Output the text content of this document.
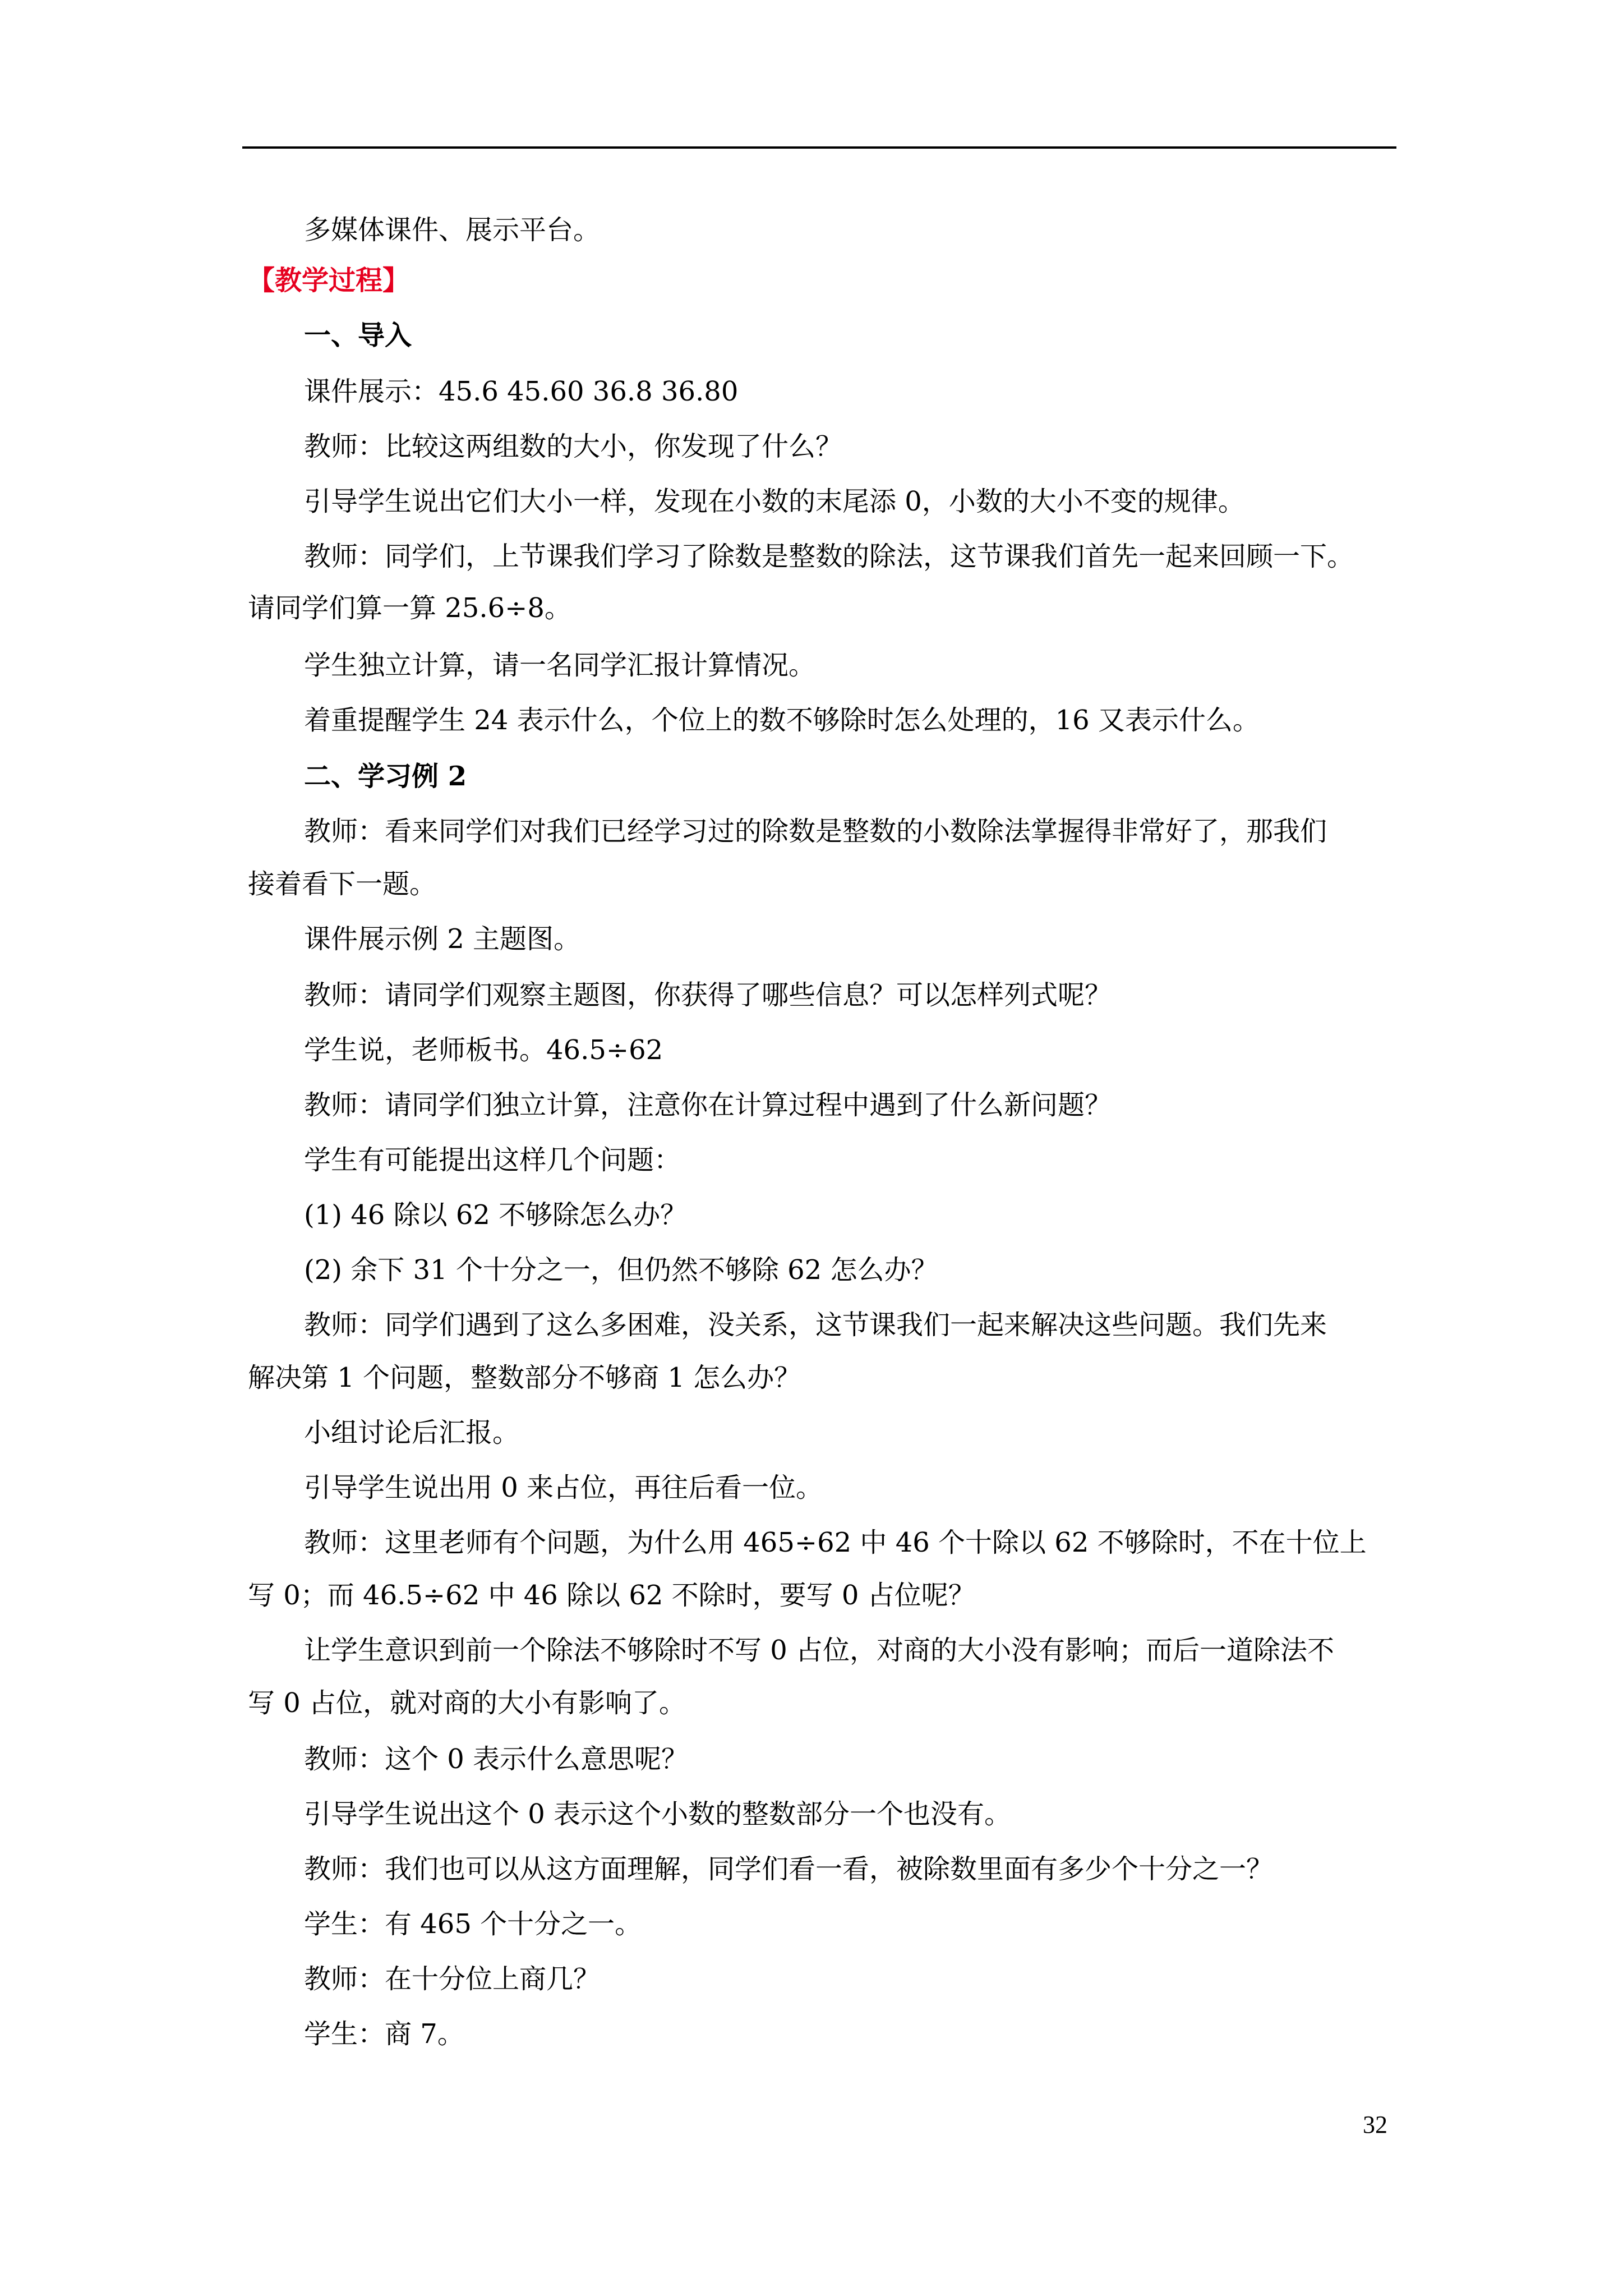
多媒体课件、展示平台。
【教学过程】
一、导入
课件展示：45.6 45.60 36.8 36.80
教师：比较这两组数的大小，你发现了什么？
引导学生说出它们大小一样，发现在小数的末尾添 0，小数的大小不变的规律。
教师：同学们，上节课我们学习了除数是整数的除法，这节课我们首先一起来回顾一下。
请同学们算一算 25.6÷8。
学生独立计算，请一名同学汇报计算情况。
着重提醒学生 24 表示什么，个位上的数不够除时怎么处理的，16 又表示什么。
二、学习例 2
教师：看来同学们对我们已经学习过的除数是整数的小数除法掌握得非常好了，那我们
接着看下一题。
课件展示例 2 主题图。
教师：请同学们观察主题图，你获得了哪些信息？可以怎样列式呢？
学生说，老师板书。46.5÷62
教师：请同学们独立计算，注意你在计算过程中遇到了什么新问题？
学生有可能提出这样几个问题：
(1) 46 除以 62 不够除怎么办？
(2) 余下 31 个十分之一，但仍然不够除 62 怎么办？
教师：同学们遇到了这么多困难，没关系，这节课我们一起来解决这些问题。我们先来
解决第 1 个问题，整数部分不够商 1 怎么办？
小组讨论后汇报。
引导学生说出用 0 来占位，再往后看一位。
教师：这里老师有个问题，为什么用 465÷62 中 46 个十除以 62 不够除时，不在十位上
写 0；而 46.5÷62 中 46 除以 62 不除时，要写 0 占位呢？
让学生意识到前一个除法不够除时不写 0 占位，对商的大小没有影响；而后一道除法不
写 0 占位，就对商的大小有影响了。
教师：这个 0 表示什么意思呢？
引导学生说出这个 0 表示这个小数的整数部分一个也没有。
教师：我们也可以从这方面理解，同学们看一看，被除数里面有多少个十分之一？
学生：有 465 个十分之一。
教师：在十分位上商几？
学生：商 7。
32
